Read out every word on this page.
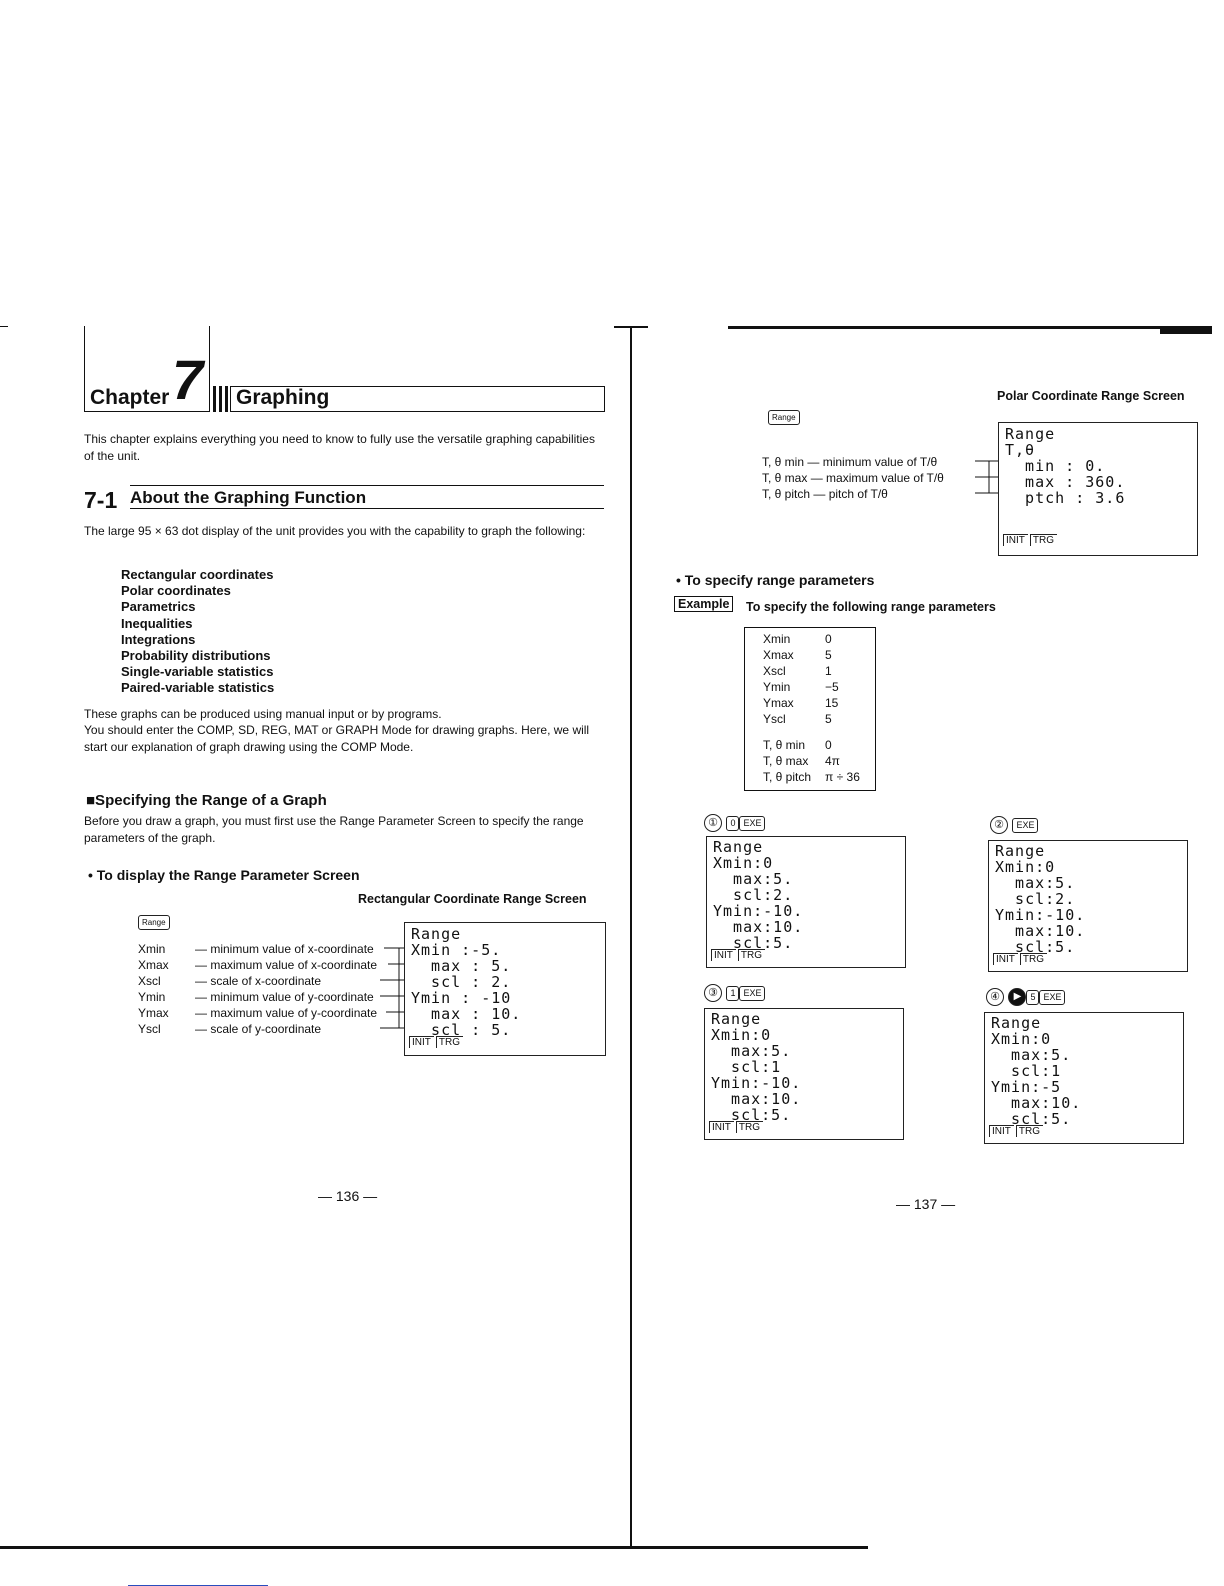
Chapter 7 Graphing
This chapter explains everything you need to know to fully use the versatile graphing capabilities of the unit.
7-1 About the Graphing Function
The large 95 × 63 dot display of the unit provides you with the capability to graph the following:
Rectangular coordinates
Polar coordinates
Parametrics
Inequalities
Integrations
Probability distributions
Single-variable statistics
Paired-variable statistics
These graphs can be produced using manual input or by programs.
You should enter the COMP, SD, REG, MAT or GRAPH Mode for drawing graphs. Here, we will start our explanation of graph drawing using the COMP Mode.
■Specifying the Range of a Graph
Before you draw a graph, you must first use the Range Parameter Screen to specify the range parameters of the graph.
• To display the Range Parameter Screen
Rectangular Coordinate Range Screen
Range
Xmin — minimum value of x-coordinate
Xmax — maximum value of x-coordinate
Xscl	— scale of x-coordinate
Ymin — minimum value of y-coordinate
Ymax — maximum value of y-coordinate
Yscl	— scale of y-coordinate
Range
Xmin :-5.
max : 5.
scl : 2.
Ymin : -10
max : 10.
scl : 5.
INIT TRG
— 136 —
Polar Coordinate Range Screen
Range
T, θ min — minimum value of T/θ
T, θ max — maximum value of T/θ
T, θ pitch — pitch of T/θ
Range
T,θ
min : 0.
max : 360.
ptch : 3.6
INIT TRG
• To specify range parameters
Example	To specify the following range parameters
Xmin	0
Xmax	5
Xscl	1
Ymin	−5
Ymax	15
Yscl	5

T, θ min	0
T, θ max	4π
T, θ pitch	π ÷ 36
① 0 EXE
Range
Xmin:0
max:5.
scl:2.
Ymin:-10.
max:10.
scl:5.
INIT TRG
② EXE
Range
Xmin:0
max:5.
scl:2.
Ymin:-10.
max:10.
scl:5.
INIT TRG
③ 1 EXE
Range
Xmin:0
max:5.
scl:1
Ymin:-10.
max:10.
scl:5.
INIT TRG
④ ▶ 5 EXE
Range
Xmin:0
max:5.
scl:1
Ymin:-5
max:10.
scl:5.
INIT TRG
— 137 —
